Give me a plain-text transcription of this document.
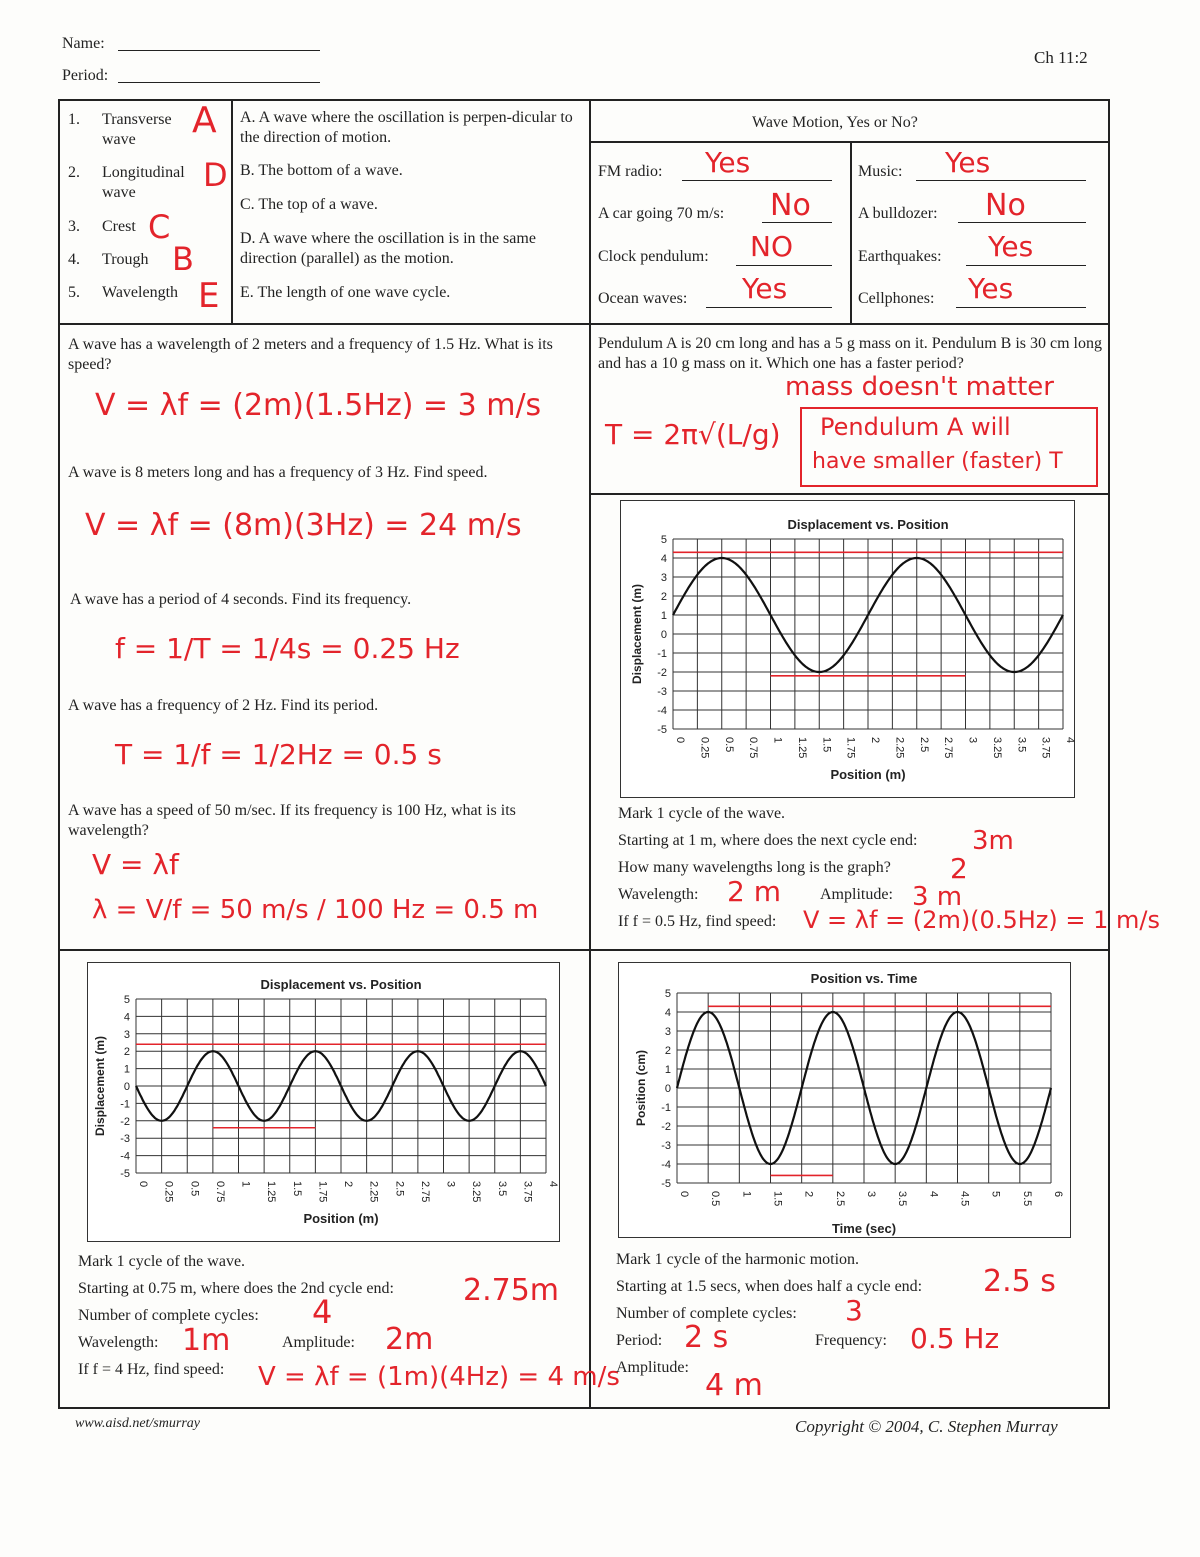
Name:
Period:
Ch 11:2
1. Transverse wave	A
2. Longitudinal wave	D
3. Crest C
4. Trough B
5. Wavelength E
A. A wave where the oscillation is perpen-dicular to the direction of motion.
B. The bottom of a wave.
C. The top of a wave.
D. A wave where the oscillation is in the same direction (parallel) as the motion.
E. The length of one wave cycle.
Wave Motion, Yes or No?
FM radio: Yes
A car going 70 m/s: No
Clock pendulum: NO
Ocean waves: Yes
Music: Yes
A bulldozer: No
Earthquakes: Yes
Cellphones: Yes
A wave has a wavelength of 2 meters and a frequency of 1.5 Hz. What is its speed?
V = λf = (2m)(1.5Hz) = 3 m/s
A wave is 8 meters long and has a frequency of 3 Hz. Find speed.
V = λf = (8m)(3Hz) = 24 m/s
A wave has a period of 4 seconds. Find its frequency.
f = 1/T = 1/4s = 0.25 Hz
A wave has a frequency of 2 Hz. Find its period.
T = 1/f = 1/2Hz = 0.5 s
A wave has a speed of 50 m/sec. If its frequency is 100 Hz, what is its wavelength?
V = λf
λ = V/f = 50 m/s / 100 Hz = 0.5 m
Pendulum A is 20 cm long and has a 5 g mass on it. Pendulum B is 30 cm long and has a 10 g mass on it. Which one has a faster period?
T = 2π√(L/g)
mass doesn't matter
Pendulum A will
have smaller (faster) T
Displacement vs. Position
5
4
3
2
1
0
-1
-2
-3
-4
-5
0 0.25 0.5 0.75 1 1.25 1.5 1.75 2 2.25 2.5 2.75 3 3.25 3.5 3.75 4
Position (m)
Displacement (m)
Mark 1 cycle of the wave.
Starting at 1 m, where does the next cycle end: 3m
How many wavelengths long is the graph? 2
Wavelength: 2 m Amplitude: 3 m
If f = 0.5 Hz, find speed: V = λf = (2m)(0.5Hz) = 1 m/s
Displacement vs. Position
5
4
3
2
1
0
-1
-2
-3
-4
-5
0 0.25 0.5 0.75 1 1.25 1.5 1.75 2 2.25 2.5 2.75 3 3.25 3.5 3.75 4
Position (m)
Displacement (m)
Mark 1 cycle of the wave.
Starting at 0.75 m, where does the 2nd cycle end: 2.75m
Number of complete cycles: 4
Wavelength: 1m	Amplitude: 2m
If f = 4 Hz, find speed: V = λf = (1m)(4Hz) = 4 m/s
Position vs. Time
5
4
3
2
1
0
-1
-2
-3
-4
-5
0 0.5 1 1.5 2 2.5 3 3.5 4 4.5 5 5.5 6
Time (sec)
Position (cm)
Mark 1 cycle of the harmonic motion.
Starting at 1.5 secs, when does half a cycle end: 2.5 s
Number of complete cycles: 3
Period: 2 s	Frequency: 0.5 Hz
Amplitude:
4 m
www.aisd.net/smurray	Copyright © 2004, C. Stephen Murray
